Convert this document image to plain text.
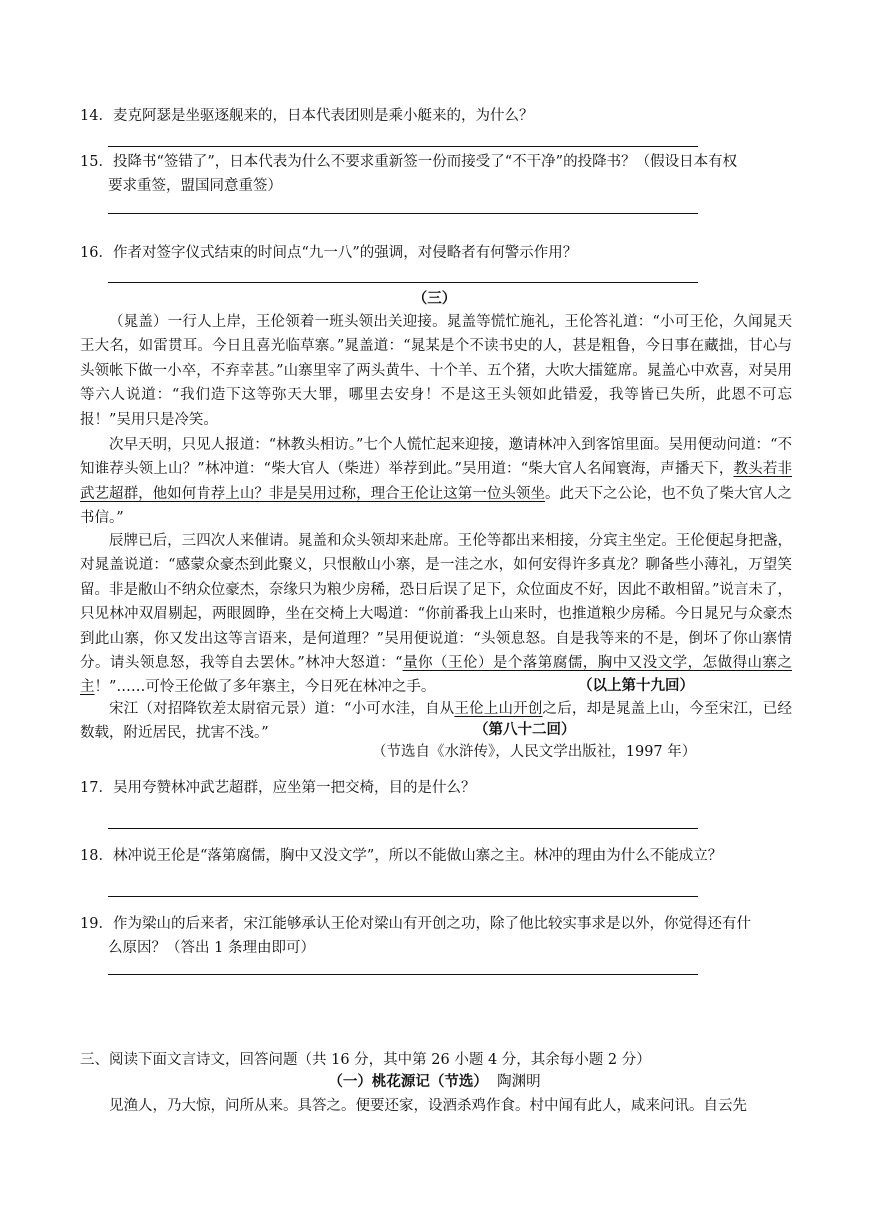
14．麦克阿瑟是坐驱逐舰来的，日本代表团则是乘小艇来的，为什么？
15．投降书“签错了”，日本代表为什么不要求重新签一份而接受了“不干净”的投降书？（假设日本有权
要求重签，盟国同意重签）
16．作者对签字仪式结束的时间点“九一八”的强调，对侵略者有何警示作用？
（三）
（晁盖）一行人上岸，王伦领着一班头领出关迎接。晁盖等慌忙施礼，王伦答礼道：“小可王伦，久闻晁天王大名，如雷贯耳。今日且喜光临草寨。”晁盖道：“晁某是个不读书史的人，甚是粗鲁，今日事在藏拙，甘心与头领帐下做一小卒，不弃幸甚。”山寨里宰了两头黄牛、十个羊、五个猪，大吹大擂筵席。晁盖心中欢喜，对吴用等六人说道：“我们造下这等弥天大罪，哪里去安身！不是这王头领如此错爱，我等皆已失所，此恩不可忘报！”吴用只是冷笑。
次早天明，只见人报道：“林教头相访。”七个人慌忙起来迎接，邀请林冲入到客馆里面。吴用便动问道：“不知谁荐头领上山？”林冲道：“柴大官人（柴进）举荐到此。”吴用道：“柴大官人名闻寰海，声播天下，教头若非武艺超群，他如何肯荐上山？非是吴用过称，理合王伦让这第一位头领坐。此天下之公论，也不负了柴大官人之书信。”
辰牌已后，三四次人来催请。晁盖和众头领却来赴席。王伦等都出来相接，分宾主坐定。王伦便起身把盏，对晁盖说道：“感蒙众豪杰到此聚义，只恨敝山小寨，是一洼之水，如何安得许多真龙？聊备些小薄礼，万望笑留。非是敝山不纳众位豪杰，奈缘只为粮少房稀，恐日后误了足下，众位面皮不好，因此不敢相留。”说言未了，只见林冲双眉剔起，两眼圆睁，坐在交椅上大喝道：“你前番我上山来时，也推道粮少房稀。今日晁兄与众豪杰到此山寨，你又发出这等言语来，是何道理？”吴用便说道：“头领息怒。自是我等来的不是，倒坏了你山寨情分。请头领息怒，我等自去罢休。”林冲大怒道：“量你（王伦）是个落第腐儒，胸中又没文学，怎做得山寨之主！”……可怜王伦做了多年寨主，今日死在林冲之手。	（以上第十九回）
宋江（对招降钦差太尉宿元景）道：“小可水洼，自从王伦上山开创之后，却是晁盖上山，今至宋江，已经数载，附近居民，扰害不浅。”	（第八十二回）
（节选自《水浒传》，人民文学出版社，1997 年）
17．吴用夸赞林冲武艺超群，应坐第一把交椅，目的是什么？
18．林冲说王伦是“落第腐儒，胸中又没文学”，所以不能做山寨之主。林冲的理由为什么不能成立？
19．作为梁山的后来者，宋江能够承认王伦对梁山有开创之功，除了他比较实事求是以外，你觉得还有什
么原因？（答出 1 条理由即可）
三、阅读下面文言诗文，回答问题（共 16 分，其中第 26 小题 4 分，其余每小题 2 分）
（一）桃花源记（节选） 陶渊明
见渔人，乃大惊，问所从来。具答之。便要还家，设酒杀鸡作食。村中闻有此人，咸来问讯。自云先
